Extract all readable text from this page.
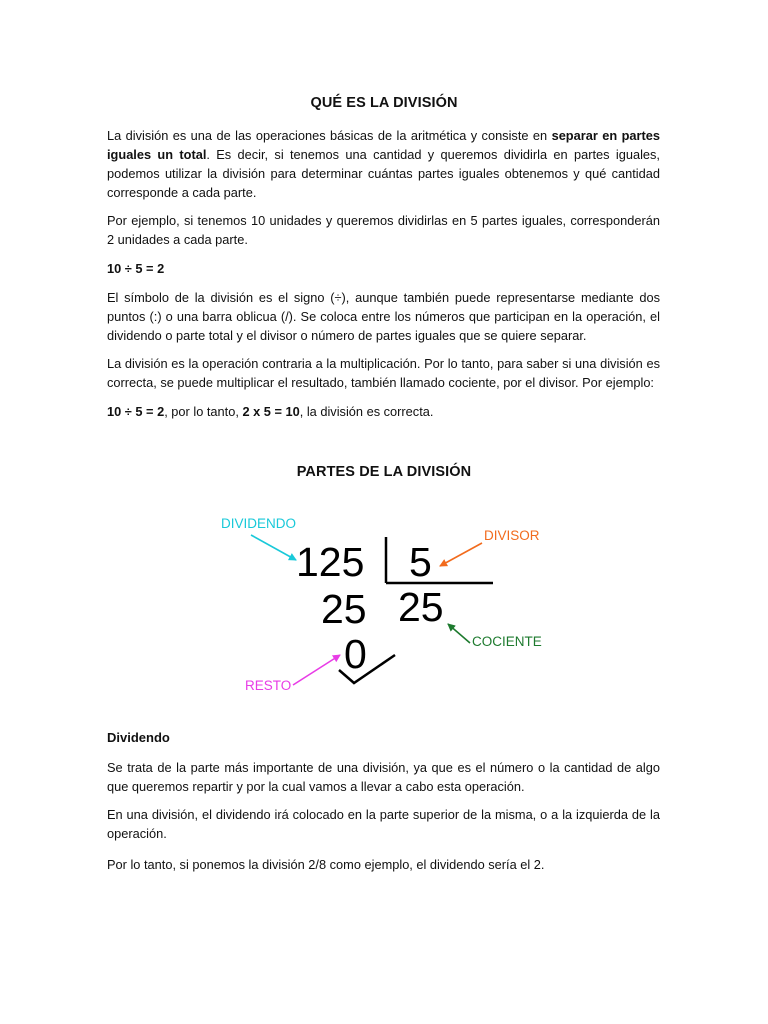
QUÉ ES LA DIVISIÓN
La división es una de las operaciones básicas de la aritmética y consiste en separar en partes iguales un total. Es decir, si tenemos una cantidad y queremos dividirla en partes iguales, podemos utilizar la división para determinar cuántas partes iguales obtenemos y qué cantidad corresponde a cada parte.
Por ejemplo, si tenemos 10 unidades y queremos dividirlas en 5 partes iguales, corresponderán 2 unidades a cada parte.
10 ÷ 5 = 2
El símbolo de la división es el signo (÷), aunque también puede representarse mediante dos puntos (:) o una barra oblicua (/). Se coloca entre los números que participan en la operación, el dividendo o parte total y el divisor o número de partes iguales que se quiere separar.
La división es la operación contraria a la multiplicación. Por lo tanto, para saber si una división es correcta, se puede multiplicar el resultado, también llamado cociente, por el divisor. Por ejemplo:
10 ÷ 5 = 2, por lo tanto, 2 x 5 = 10, la división es correcta.
PARTES DE LA DIVISIÓN
125 5
25 25
0
DIVIDENDO
DIVISOR
COCIENTE
RESTO
Dividendo
Se trata de la parte más importante de una división, ya que es el número o la cantidad de algo que queremos repartir y por la cual vamos a llevar a cabo esta operación.
En una división, el dividendo irá colocado en la parte superior de la misma, o a la izquierda de la operación.
Por lo tanto, si ponemos la división 2/8 como ejemplo, el dividendo sería el 2.
